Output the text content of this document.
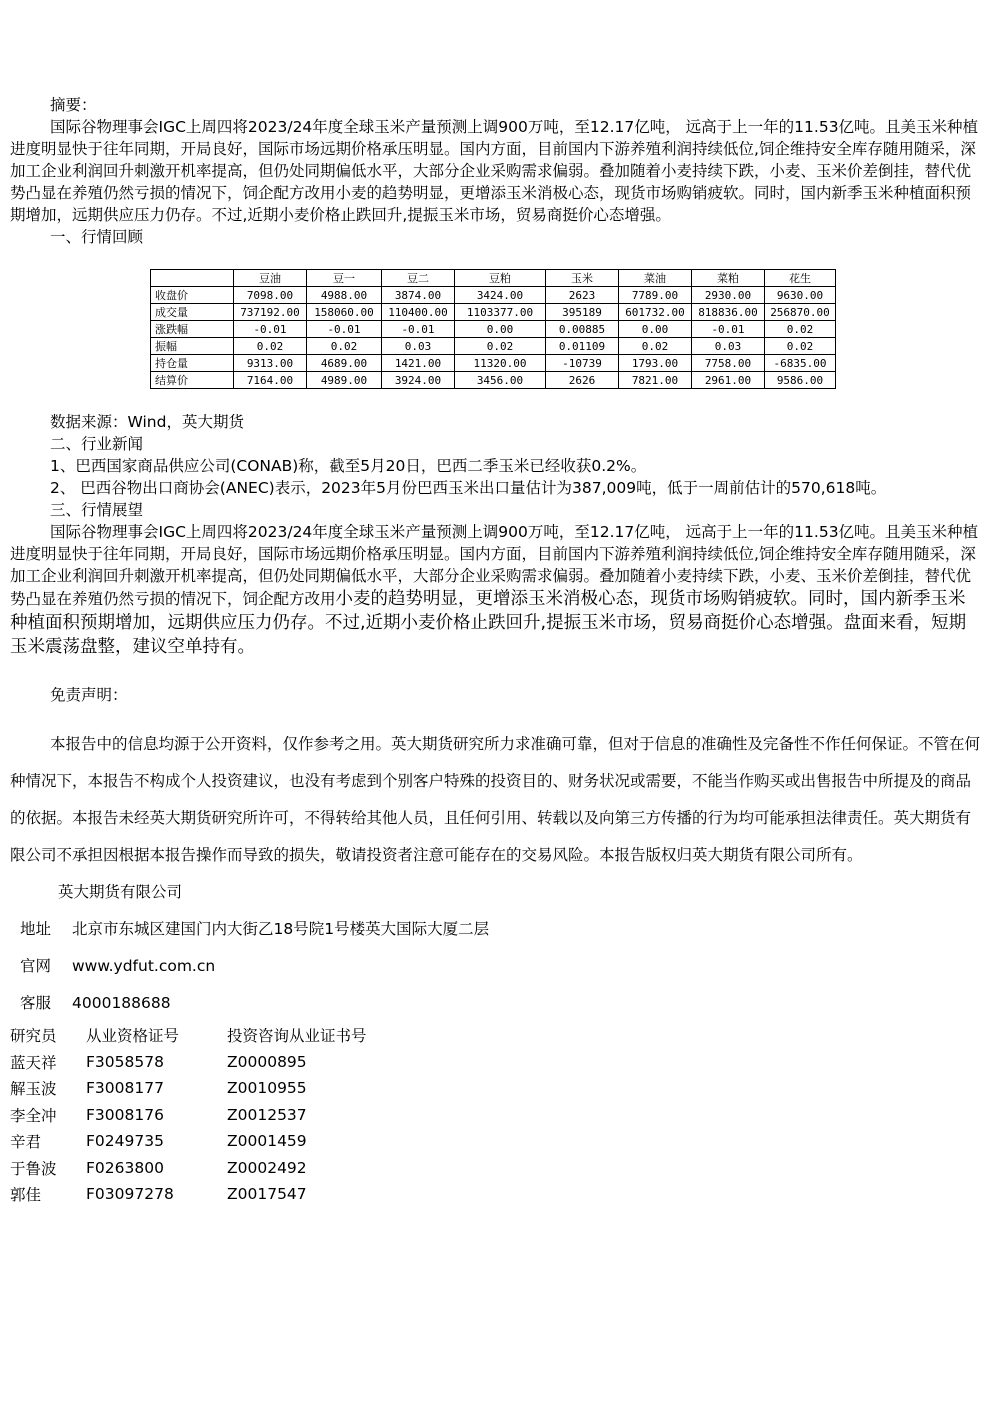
摘要：

国际谷物理事会IGC上周四将2023/24年度全球玉米产量预测上调900万吨，至12.17亿吨， 远高于上一年的11.53亿吨。且美玉米种植进度明显快于往年同期，开局良好，国际市场远期价格承压明显。国内方面，目前国内下游养殖利润持续低位,饲企维持安全库存随用随采，深加工企业利润回升刺激开机率提高，但仍处同期偏低水平，大部分企业采购需求偏弱。叠加随着小麦持续下跌，小麦、玉米价差倒挂，替代优势凸显在养殖仍然亏损的情况下，饲企配方改用小麦的趋势明显，更增添玉米消极心态，现货市场购销疲软。同时，国内新季玉米种植面积预期增加，远期供应压力仍存。不过,近期小麦价格止跌回升,提振玉米市场，贸易商挺价心态增强。

一、行情回顾

	豆油	豆一	豆二	豆粕	玉米	菜油	菜粕	花生
收盘价	7098.00	4988.00	3874.00	3424.00	2623	7789.00	2930.00	9630.00
成交量	737192.00	158060.00	110400.00	1103377.00	395189	601732.00	818836.00	256870.00
涨跌幅	-0.01	-0.01	-0.01	0.00	0.00885	0.00	-0.01	0.02
振幅	0.02	0.02	0.03	0.02	0.01109	0.02	0.03	0.02
持仓量	9313.00	4689.00	1421.00	11320.00	-10739	1793.00	7758.00	-6835.00
结算价	7164.00	4989.00	3924.00	3456.00	2626	7821.00	2961.00	9586.00

数据来源：Wind，英大期货

二、行业新闻

1、巴西国家商品供应公司(CONAB)称，截至5月20日，巴西二季玉米已经收获0.2%。

2、 巴西谷物出口商协会(ANEC)表示，2023年5月份巴西玉米出口量估计为387,009吨，低于一周前估计的570,618吨。

三、行情展望

国际谷物理事会IGC上周四将2023/24年度全球玉米产量预测上调900万吨，至12.17亿吨， 远高于上一年的11.53亿吨。且美玉米种植进度明显快于往年同期，开局良好，国际市场远期价格承压明显。国内方面，目前国内下游养殖利润持续低位,饲企维持安全库存随用随采，深加工企业利润回升刺激开机率提高，但仍处同期偏低水平，大部分企业采购需求偏弱。叠加随着小麦持续下跌，小麦、玉米价差倒挂，替代优势凸显在养殖仍然亏损的情况下，饲企配方改用小麦的趋势明显，更增添玉米消极心态，现货市场购销疲软。同时，国内新季玉米种植面积预期增加，远期供应压力仍存。不过,近期小麦价格止跌回升,提振玉米市场，贸易商挺价心态增强。盘面来看，短期玉米震荡盘整，建议空单持有。

免责声明：

本报告中的信息均源于公开资料，仅作参考之用。英大期货研究所力求准确可靠，但对于信息的准确性及完备性不作任何保证。不管在何种情况下，本报告不构成个人投资建议，也没有考虑到个别客户特殊的投资目的、财务状况或需要，不能当作购买或出售报告中所提及的商品的依据。本报告未经英大期货研究所许可，不得转给其他人员，且任何引用、转载以及向第三方传播的行为均可能承担法律责任。英大期货有限公司不承担因根据本报告操作而导致的损失，敬请投资者注意可能存在的交易风险。本报告版权归英大期货有限公司所有。

英大期货有限公司

地址 北京市东城区建国门内大街乙18号院1号楼英大国际大厦二层

官网 www.ydfut.com.cn

客服 4000188688

研究员	从业资格证号	投资咨询从业证书号
蓝天祥	F3058578	Z0000895
解玉波	F3008177	Z0010955
李全冲	F3008176	Z0012537
辛君	F0249735	Z0001459
于鲁波	F0263800	Z0002492
郭佳	F03097278	Z0017547
